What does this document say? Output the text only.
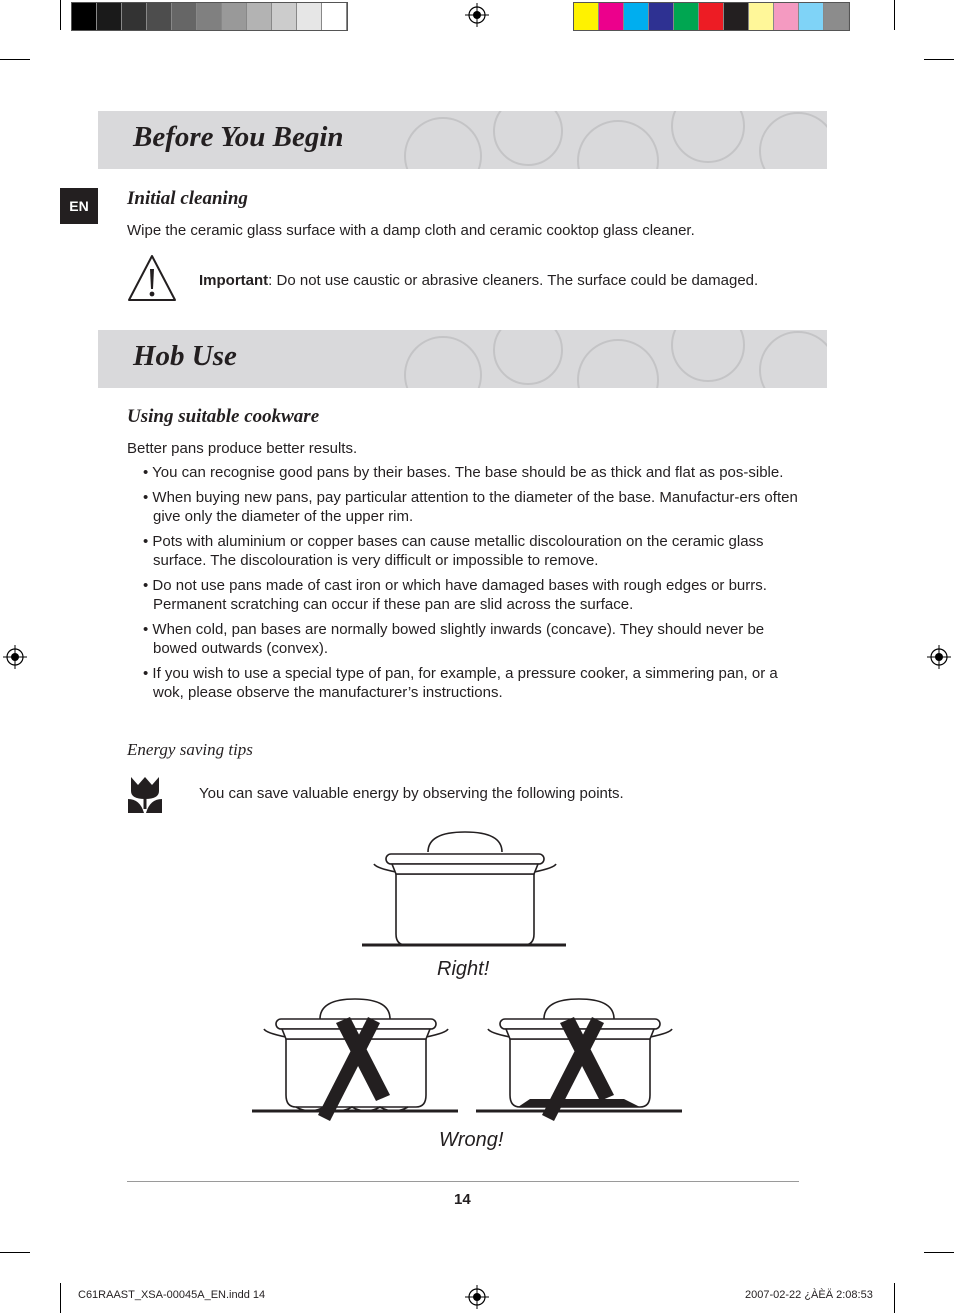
Before You Begin
EN	Initial cleaning
Wipe the ceramic glass surface with a damp cloth and ceramic cooktop glass cleaner.
Important: Do not use caustic or abrasive cleaners. The surface could be damaged.
Hob Use
Using suitable cookware
Better pans produce better results.
• You can recognise good pans by their bases. The base should be as thick and flat as pos-sible.
• When buying new pans, pay particular attention to the diameter of the base. Manufactur-ers often give only the diameter of the upper rim.
• Pots with aluminium or copper bases can cause metallic discolouration on the ceramic glass surface. The discolouration is very difficult or impossible to remove.
• Do not use pans made of cast iron or which have damaged bases with rough edges or burrs. Permanent scratching can occur if these pan are slid across the surface.
• When cold, pan bases are normally bowed slightly inwards (concave). They should never be bowed outwards (convex).
• If you wish to use a special type of pan, for example, a pressure cooker, a simmering pan, or a wok, please observe the manufacturer’s instructions.
Energy saving tips
You can save valuable energy by observing the following points.
Right!
Wrong!
14
C61RAAST_XSA-00045A_EN.indd 14	2007-02-22 ¿ÀÈÄ 2:08:53
